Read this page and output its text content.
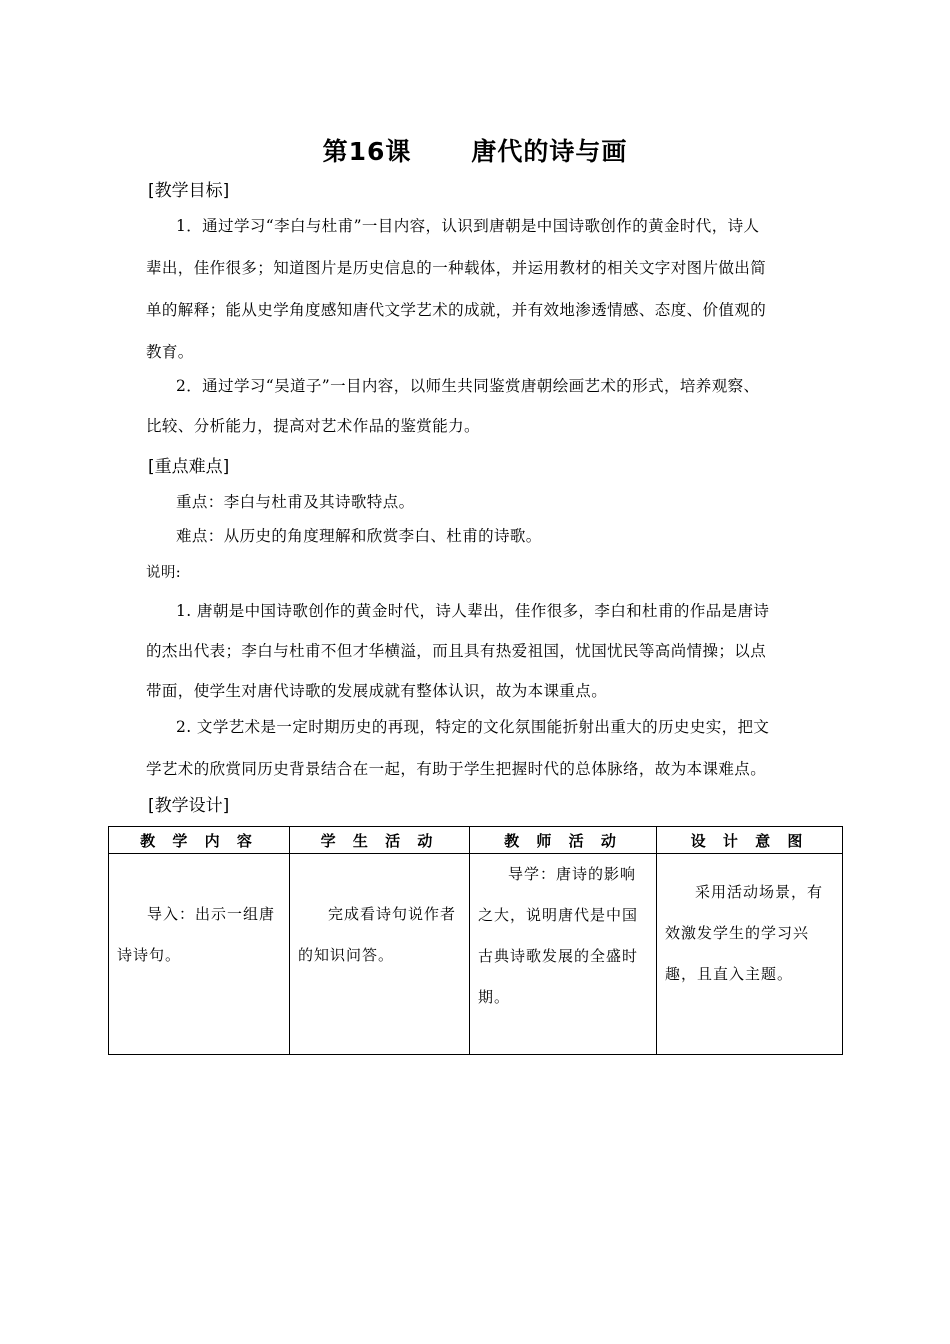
第16课 唐代的诗与画
[教学目标]
1．通过学习“李白与杜甫”一目内容，认识到唐朝是中国诗歌创作的黄金时代，诗人
辈出，佳作很多；知道图片是历史信息的一种载体，并运用教材的相关文字对图片做出简
单的解释；能从史学角度感知唐代文学艺术的成就，并有效地渗透情感、态度、价值观的
教育。
2．通过学习“吴道子”一目内容，以师生共同鉴赏唐朝绘画艺术的形式，培养观察、
比较、分析能力，提高对艺术作品的鉴赏能力。
[重点难点]
重点：李白与杜甫及其诗歌特点。
难点：从历史的角度理解和欣赏李白、杜甫的诗歌。
说明:
1. 唐朝是中国诗歌创作的黄金时代，诗人辈出，佳作很多，李白和杜甫的作品是唐诗
的杰出代表；李白与杜甫不但才华横溢，而且具有热爱祖国，忧国忧民等高尚情操；以点
带面，使学生对唐代诗歌的发展成就有整体认识，故为本课重点。
2. 文学艺术是一定时期历史的再现，特定的文化氛围能折射出重大的历史史实，把文
学艺术的欣赏同历史背景结合在一起，有助于学生把握时代的总体脉络，故为本课难点。
[教学设计]
教 学 内 容	学 生 活 动	教 师 活 动	设 计 意 图

导入：出示一组唐诗诗句。	完成看诗句说作者的知识问答。	导学：唐诗的影响之大，说明唐代是中国古典诗歌发展的全盛时期。	采用活动场景，有效激发学生的学习兴趣，且直入主题。
